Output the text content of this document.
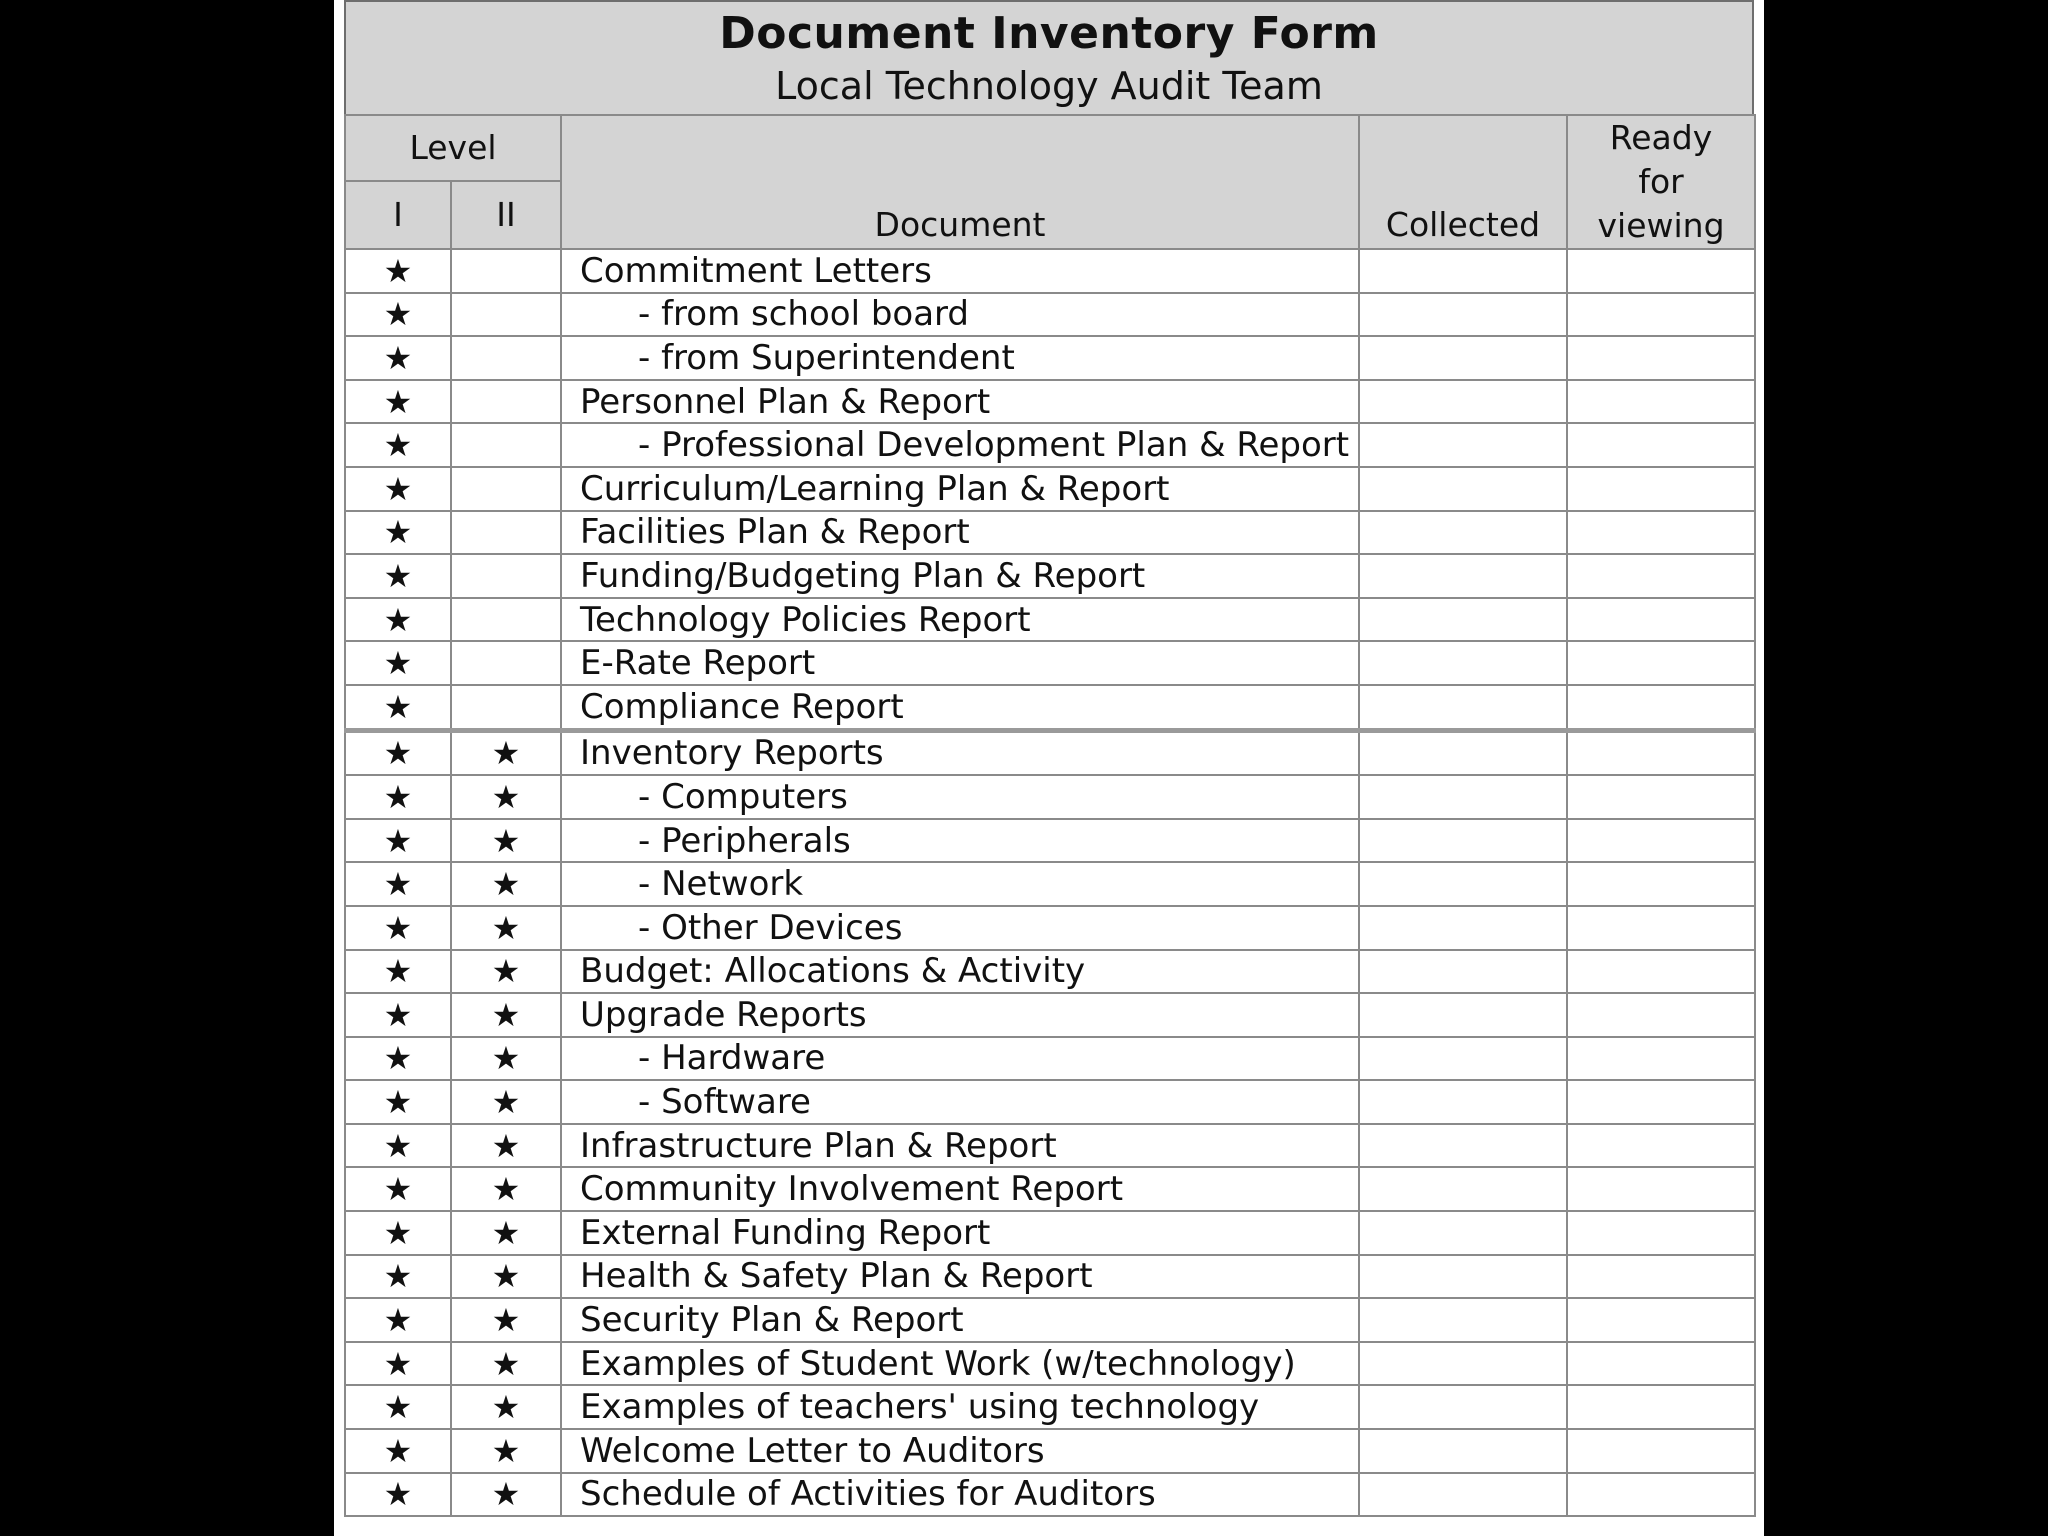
Document Inventory Form
Local Technology Audit Team
Level		Document	Collected	Ready for viewing
I	II			
★		Commitment Letters		
★		- from school board		
★		- from Superintendent		
★		Personnel Plan & Report		
★		- Professional Development Plan & Report		
★		Curriculum/Learning Plan & Report		
★		Facilities Plan & Report		
★		Funding/Budgeting Plan & Report		
★		Technology Policies Report		
★		E-Rate Report		
★		Compliance Report		
★	★	Inventory Reports		
★	★	- Computers		
★	★	- Peripherals		
★	★	- Network		
★	★	- Other Devices		
★	★	Budget: Allocations & Activity		
★	★	Upgrade Reports		
★	★	- Hardware		
★	★	- Software		
★	★	Infrastructure Plan & Report		
★	★	Community Involvement Report		
★	★	External Funding Report		
★	★	Health & Safety Plan & Report		
★	★	Security Plan & Report		
★	★	Examples of Student Work (w/technology)		
★	★	Examples of teachers' using technology		
★	★	Welcome Letter to Auditors		
★	★	Schedule of Activities for Auditors		
